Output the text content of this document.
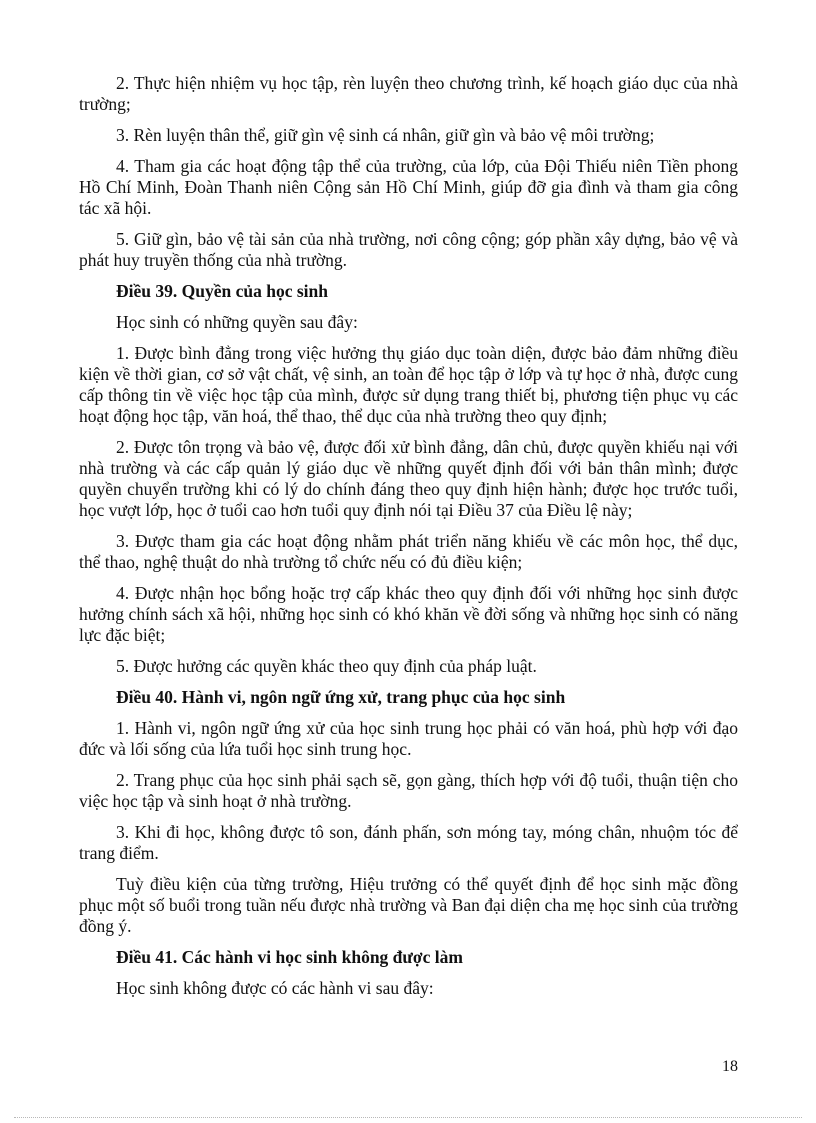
2. Thực hiện nhiệm vụ học tập, rèn luyện theo chương trình, kế hoạch giáo dục của nhà trường;

3. Rèn luyện thân thể, giữ gìn vệ sinh cá nhân, giữ gìn và bảo vệ môi trường;

4. Tham gia các hoạt động tập thể của trường, của lớp, của Đội Thiếu niên Tiền phong Hồ Chí Minh, Đoàn Thanh niên Cộng sản Hồ Chí Minh, giúp đỡ gia đình và tham gia công tác xã hội.

5. Giữ gìn, bảo vệ tài sản của nhà trường, nơi công cộng; góp phần xây dựng, bảo vệ và phát huy truyền thống của nhà trường.

Điều 39. Quyền của học sinh

Học sinh có những quyền sau đây:

1. Được bình đẳng trong việc hưởng thụ giáo dục toàn diện, được bảo đảm những điều kiện về thời gian, cơ sở vật chất, vệ sinh, an toàn để học tập ở lớp và tự học ở nhà, được cung cấp thông tin về việc học tập của mình, được sử dụng trang thiết bị, phương tiện phục vụ các hoạt động học tập, văn hoá, thể thao, thể dục của nhà trường theo quy định;

2. Được tôn trọng và bảo vệ, được đối xử bình đẳng, dân chủ, được quyền khiếu nại với nhà trường và các cấp quản lý giáo dục về những quyết định đối với bản thân mình; được quyền chuyển trường khi có lý do chính đáng theo quy định hiện hành; được học trước tuổi, học vượt lớp, học ở tuổi cao hơn tuổi quy định nói tại Điều 37 của Điều lệ này;

3. Được tham gia các hoạt động nhằm phát triển năng khiếu về các môn học, thể dục, thể thao, nghệ thuật do nhà trường tổ chức nếu có đủ điều kiện;

4. Được nhận học bổng hoặc trợ cấp khác theo quy định đối với những học sinh được hưởng chính sách xã hội, những học sinh có khó khăn về đời sống và những học sinh có năng lực đặc biệt;

5. Được hưởng các quyền khác theo quy định của pháp luật.

Điều 40. Hành vi, ngôn ngữ ứng xử, trang phục của học sinh

1. Hành vi, ngôn ngữ ứng xử của học sinh trung học phải có văn hoá, phù hợp với đạo đức và lối sống của lứa tuổi học sinh trung học.

2. Trang phục của học sinh phải sạch sẽ, gọn gàng, thích hợp với độ tuổi, thuận tiện cho việc học tập và sinh hoạt ở nhà trường.

3. Khi đi học, không được tô son, đánh phấn, sơn móng tay, móng chân, nhuộm tóc để trang điểm.

Tuỳ điều kiện của từng trường, Hiệu trưởng có thể quyết định để học sinh mặc đồng phục một số buổi trong tuần nếu được nhà trường và Ban đại diện cha mẹ học sinh của trường đồng ý.

Điều 41. Các hành vi học sinh không được làm

Học sinh không được có các hành vi sau đây:

18
